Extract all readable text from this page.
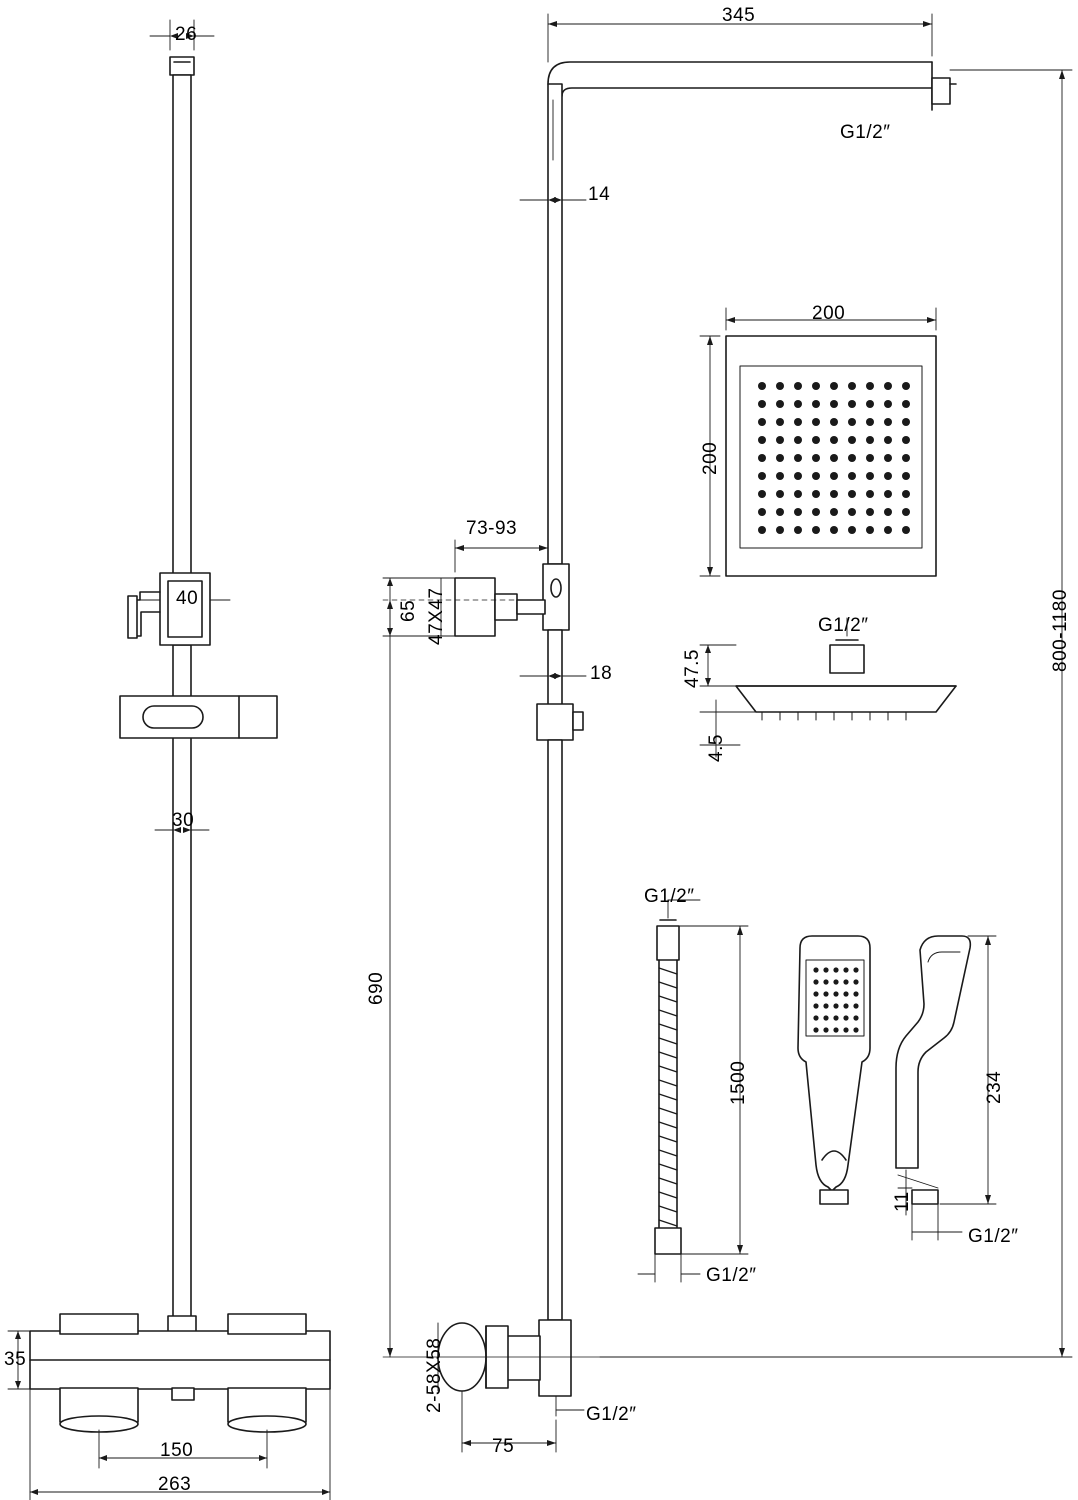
26
40
30
35
150
263
345
G1/2″
14
200
200
73-93
47X47
65
18
G1/2″
47.5
4.5
690
G1/2″
1500
G1/2″
234
11
G1/2″
2-58X58
G1/2″
75
800-1180
